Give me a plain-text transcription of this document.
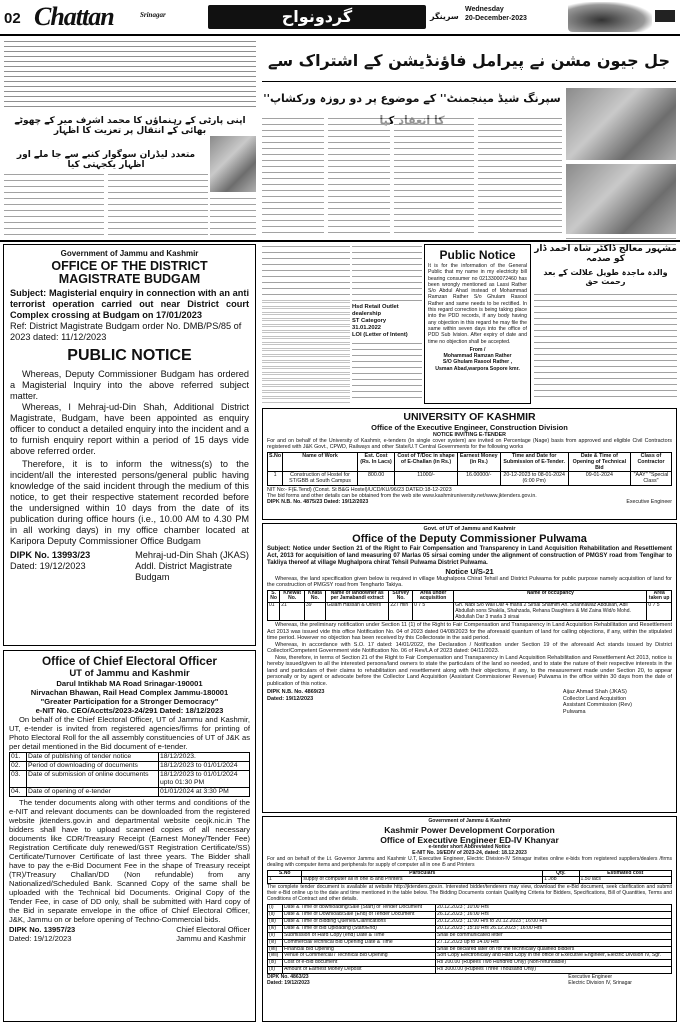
02 Chattan	Srinagar	گردونواح	سرینگر
Wednesday
20-December-2023
جل جیون مشن نے پیرامل فاؤنڈیشن کے اشتراک سے
''سپرنگ شیڈ مینجمنٹ'' کے موضوع پر دو روزہ ورکشاپ
اپنی پارٹی کے رہنماؤں کا محمد اشرف میر کے چھوٹے بھائی کے انتقال پر تعزیت کا اظہار
متعدد لیڈران سوگوار کنبے سے جا ملے اور اظہار یکجہتی کیا
Government of Jammu and Kashmir
OFFICE OF THE DISTRICT MAGISTRATE BUDGAM
Subject: Magisterial enquiry in connection with an anti terrorist operation carried out near District court Complex crossing at Budgam on 17/01/2023
Ref: District Magistrate Budgam order No. DMB/PS/85 of 2023 dated: 11/12/2023
PUBLIC NOTICE
Whereas, Deputy Commissioner Budgam has ordered a Magisterial Inquiry into the above referred subject matter.
Whereas, I Mehraj-ud-Din Shah, Additional District Magistrate, Budgam, have been appointed as enquiry officer to conduct a detailed enquiry into the incident and a to furnish enquiry report within a period of 15 days vide above referred order.
Therefore, it is to inform the witness(s) to the incident/all the interested persons/general public having knowledge of the said incident through the medium of this notice, to get their respective statement recorded before the undersigned within 10 days from the date of its publication during office hours (i.e., 10.00 AM to 4.30 PM in all working days) in my office chamber located at Karipora Deputy Commissioner Office Budgam
DIPK No. 13993/23
Dated: 19/12/2023
Mehraj-ud-Din Shah (JKAS)
Addl. District Magistrate
Budgam
Office of Chief Electoral Officer
UT of Jammu and Kashmir
Darul Intikhab MA Road Srinagar-190001
Nirvachan Bhawan, Rail Head Complex Jammu-180001
"Greater Participation for a Stronger Democracy"
e-NIT No. CEO/Acctts/2023-24/291 Dated: 18/12/2023
On behalf of the Chief Electoral Officer, UT of Jammu and Kashmir, UT, e-tender is invited from registered agencies/firms for printing of Photo Electoral Roll for the all assembly constituencies of UT of J&K as per detail mentioned in the Bid document of e-tender.
01.	Date of publishing of tender notice	18/12/2023.
02.	Period of downloading of documents	18/12/2023 to 01/01/2024
03.	Date of submission of online documents	18/12/2023 to 01/01/2024 upto 01:30 PM
04.	Date of opening of e-tender	01/01/2024 at 3:30 PM
The tender documents along with other terms and conditions of the e-NIT and relevant documents can be downloaded from the registered website jktenders.gov.in and departmental website ceojk.nic.in The bidders shall have to upload scanned copies of all necessary documents like CDR/Treasury Receipt (Earnest Money/Tender Fee) Registration Certificate duly renewed/GST Registration Certificate/SS) Certificate/Turnover Certificate of last three years. The Bidder shall have to pay the e-Bid Document Fee in the shape of Treasury receipt (TR)/Treasury Challan/DD (Non refundable) from any Nationalized/Scheduled Bank. Scanned Copy of the same shall be uploaded with the Technical bid Documents. Original Copy of the Tender Fee, in case of DD only, shall be submitted with Hard copy of the Bid in separate envelope in the office of Chief Electoral Officer, J&K, Jammu on or before opening of Techno-Commercial bids.
DIPK No. 13957/23
Dated: 19/12/2023
Chief Electoral Officer
Jammu and Kashmir
Hsd Retail Outlet dealership
ST Category
31.01.2022
LOI (Letter of Intent)
Public Notice
It is for the information of the General Public that my name in my electricity bill bearing consumer no 0213300072460 has been wrongly mentioned as Lassi Rather S/o Abdul Ahad instead of Mohammad Ramzan Rather S/o Ghulam Rasool Rather and same needs to be rectified. In this regard correction is being taking place into the PDD records, if any body having any objection in this regard he may file the same within seven days into the office of PDD Sub Ivision. After expiry of date and time no objection shall be accepted.
From /
Mohammad Ramzan Rather
S/O Ghulam Rasool Rather ,
Usman Abad,warpora Sopore kmr.
مشہور معالج ڈاکٹر شاہ احمد ڈار کو صدمہ
والدہ ماجدہ طویل علالت کے بعد رحمت حق
UNIVERSITY OF KASHMIR
Office of the Executive Engineer, Construction Division
NOTICE INVITING E-TENDER
For and on behalf of the University of Kashmir, e-tenders (In single cover system) are invited on Percentage (Nage) basis from approved and eligible Civil Contractors registered with J&K Govt., CPWD, Railways and other State/U.T Central Governments for the following works
S.No	Name of Work	Est. Cost (Rs. In Lacs)	Cost of T/Doc in shape of E-Challan (in Rs.)	Earnest Money (in Rs.)	Time and Date for Submission of E-Tender.	Date & Time of Opening of Technical Bid	Class of Contractor
1	Construction of Hostel for ST/GBB at South Campus	800.00	11000/-	16.00000/-	20-12-2023 to 08-01-2024 (6:00 Pm)	09-01-2024	"AAY" "Special Class"
NIT No:- F(E.Tend) (Const. St B&G Hostel)/UCD/KU/96/23 DATED:18-12-2023
The bid forms and other details can be obtained from the web site www.kashmiruniversity.net/www.jktenders.gov.in.
DIPK N.B. No. 4875/23 Dated: 19/12/2023	Executive Engineer
Govt. of UT of Jammu and Kashmir
Office of the Deputy Commissioner Pulwama
Subject: Notice under Section 21 of the Right to Fair Compensation and Transparency in Land Acquisition Rehabilitation and Resettlement Act, 2013 for acquisition of land measuring 07 Marlas 05 sirsai coming under the alignment of construction of PMGSY road from Tengihar to Takliya thereof at village Mughalpora chirat Tehsil Pulwama District Pulwama.
Notice U/S-21
Whereas, the land specification given below is required in village Mughalpora Chirat Tehsil and District Pulwama for public purpose namely acquisition of land for the construction of PMGSY road from Tengharto Takiya.
S. No	Khewat No.	Khata No.	Name of landowner as per Jamabandi extract	Survey No.	Area under acquisition	Name of occupancy	Area taken up
01	21	39	Gulam Hassan & Others	227 min	0 7 5	Gh. Nabi S/o Wali Dar 4 marla 2 Sirsai Shamim Ah. Shahnawaz Abdullah, Adil Abdullah sons Shakila, Shahzada, Rehana Daughters & Md Zaina Wid/o Mohd. Abdullah Dar 3 marla 3 sirsai	0 7 5
Whereas, the preliminary notification under Section 11 (1) of the Right to Fair Compensation and Transparency in Land Acquisition Rehabilitation and Resettlement Act 2013 was issued vide this office Notification No. 04 of 2023 dated 04/08/2023 for the aforesaid quantum of land for calling objections, if any, within the stipulated time period. However no objection has been received by this Collectorate in the said period.
Whereas, in accordance with S.O. 17 dated: 14/01/2022, the Declaration / Notification under Section 19 of the aforesaid Act stands issued by District Collector/Competent Government vide Notification No. 06 of Rev/LA of 2023 dated: 04/11/2023.
Now, therefore, in terms of Section 21 of the Right to Fair Compensation and Transparency in Land Acquisition Rehabilitation and Resettlement Act 2013, notice is hereby issued/given to all the interested persons/land owners to state the particulars of the land so needed, and to state the nature of their respective interests in the land and particulars of their claims to rehabilitation and resettlement along with their objections, if any, to the measurement made under Section 20, to appear personally or by agent or advocate before the Collector Land Acquisition (Assistant Commissioner Revenue) Pulwama in the office within 30 days from the date of publication of this notice.
DIPK N.B. No. 4869/23
Dated: 19/12/2023
Aijaz Ahmad Shah (JKAS)
Collector Land Acquisition
Assistant Commission (Rev)
Pulwama
Government of Jammu & Kashmir
Kashmir Power Development Corporation
Office of Executive Engineer ED-IV Khanyar
e-tender short Abbreviated Notice
E-NIT No. 16/EDIV of 2023-24, dated: 18.12.2023
For and on behalf of the Lt. Governor Jammu and Kashmir U.T, Executive Engineer, Electric Division-IV Srinagar invites online e-bids from registered suppliers/dealers /firms dealing with computer items and peripherals for supply of computer all in one i5 and Printers
S.No	Particulars	Qty.	Estimated cost
1	supply of computer all in one i5 and Printers	1 Job	1.50 lacs
The complete tender document is available at website http://jktenders.gov.in. Interested bidder/tenderers may view, download the e-Bid document, seek clarification and submit their e-Bid online up to the date and time mentioned in the table below. The Bidding Documents contain Qualifying Criteria for Bidders, Specifications, Bill of Quantities, Terms and Conditions of Contract and other details.
(i)	Date & Time of downloading/Sale (Start) of Tender Document	20.12.2023 ; 10:00 Hrs
(ii)	Date & Time of Download/Sale (End) of Tender Document	26.12.2023 ; 16:00 Hrs
(iii)	Date & Time of Bidding Queries/Clarifications	20.12.2023 ; 11:00 Hrs to 20.12.2023 ; 16:00 Hrs
(iv)	Date & Time of Bid Uploading (Start/End)	20.12.2023 ; 15:10 Hrs 26.12.2023 ; 16:00 Hrs
(v)	Submission of Hard Copy (end) Date & Time	Shall be communicated letter
(vi)	Commercial/Technical Bid Opening Date & Time	27.12.2023 up to 14.00 Hrs
(vii)	Financial Bid Opening	Shall be declared later on for the technically qualified bidders
(viii)	Venue of Commercial / Technical Bid Opening	Soft Copy Electronically and Hard Copy in the office of Executive Engineer, Electric Division IV, Sgr.
(ix)	Cost of e-Bid document	Rs 200.00 (Rupees Two Hundred Only) (Non-refundable)
(x)	Amount of Earnest Money Deposit	Rs 3000.00 (Rupees Three Thousand Only)
DIPK No. 4863/23
Dated: 19/12/2023
Executive Engineer
Electric Division IV, Srinagar
